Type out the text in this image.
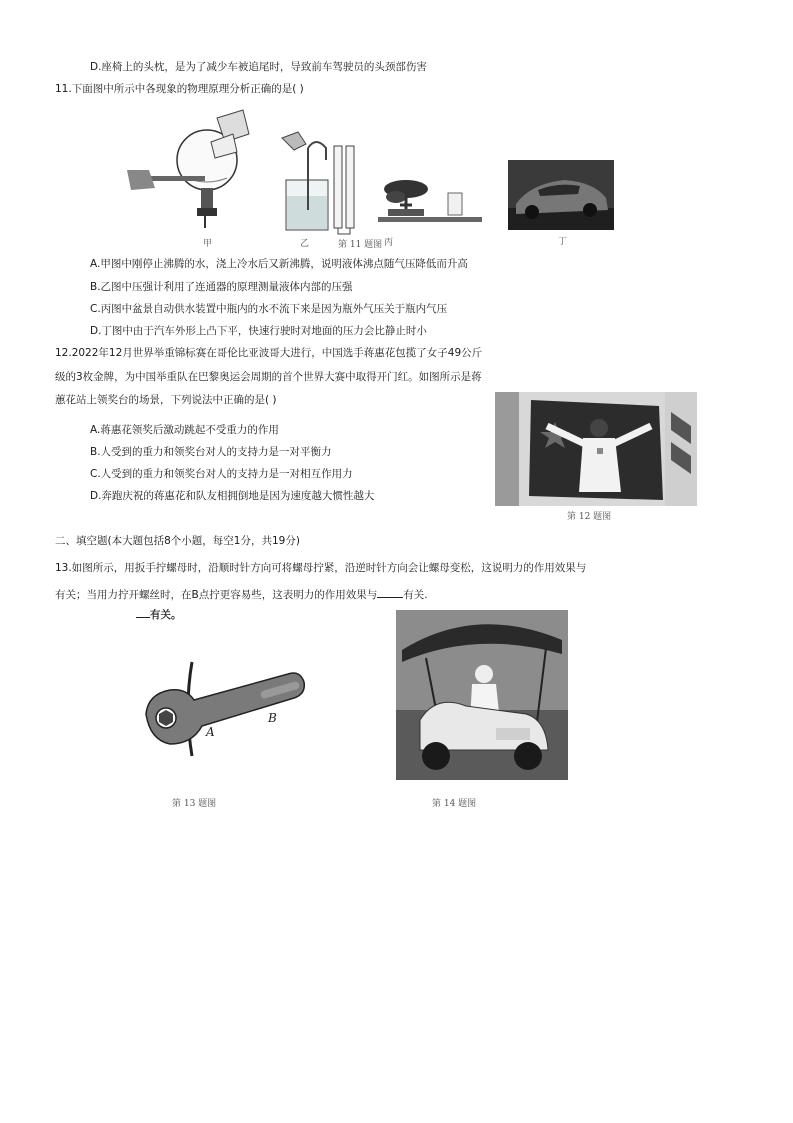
D.座椅上的头枕，是为了减少车被追尾时，导致前车驾驶员的头颈部伤害
11.下面图中所示中各现象的物理原理分析正确的是( )
甲	乙	丙
第 11 题图	丁
A.甲图中刚停止沸腾的水，浇上冷水后又新沸腾，说明液体沸点随气压降低而升高
B.乙图中压强计利用了连通器的原理测量液体内部的压强
C.丙图中盆景自动供水装置中瓶内的水不流下来是因为瓶外气压关于瓶内气压
D.丁图中由于汽车外形上凸下平，快速行驶时对地面的压力会比静止时小
12.2022年12月世界举重锦标赛在哥伦比亚波哥大进行，中国选手蒋惠花包揽了女子49公斤
级的3枚金牌，为中国举重队在巴黎奥运会周期的首个世界大赛中取得开门红。如图所示是蒋
蕙花站上领奖台的场景，下列说法中正确的是( )
A.蒋惠花领奖后激动跳起不受重力的作用
B.人受到的重力和领奖台对人的支持力是一对平衡力
C.人受到的重力和领奖台对人的支持力是一对相互作用力
D.奔跑庆祝的蒋惠花和队友相拥倒地是因为速度越大惯性越大
第 12 题图
二、填空题(本大题包括8个小题，每空1分，共19分)
13.如图所示，用扳手拧螺母时，沿顺时针方向可将螺母拧紧，沿逆时针方向会让螺母变松，这说明力的作用效果与
有关；当用力拧开螺丝时，在B点拧更容易些，这表明力的作用效果与 有关.
有关。
A
B
第 13 题图	第 14 题图
